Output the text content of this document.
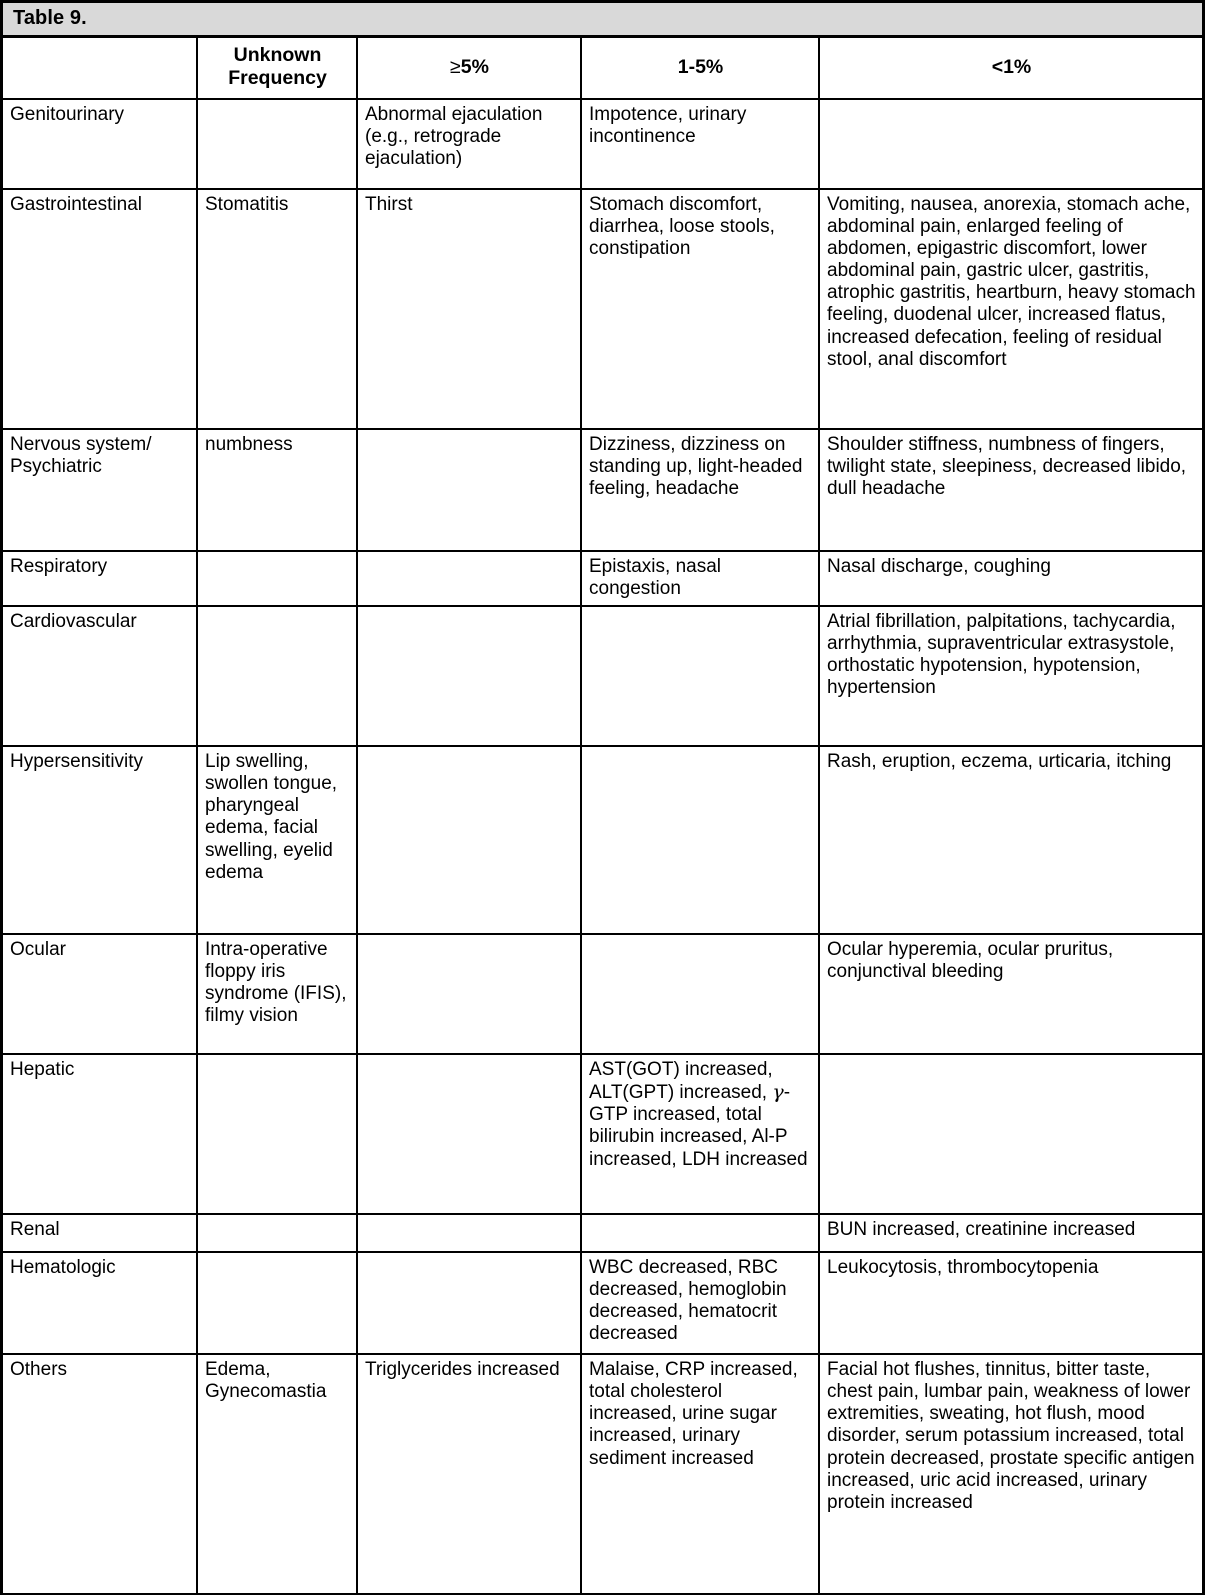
Table 9.
	Unknown Frequency	≥5%	1-5%	<1%

Genitourinary		Abnormal ejaculation (e.g., retrograde ejaculation)	Impotence, urinary incontinence	

Gastrointestinal	Stomatitis	Thirst	Stomach discomfort, diarrhea, loose stools, constipation	Vomiting, nausea, anorexia, stomach ache, abdominal pain, enlarged feeling of abdomen, epigastric discomfort, lower abdominal pain, gastric ulcer, gastritis, atrophic gastritis, heartburn, heavy stomach feeling, duodenal ulcer, increased flatus, increased defecation, feeling of residual stool, anal discomfort

Nervous system/ Psychiatric	numbness		Dizziness, dizziness on standing up, light-headed feeling, headache	Shoulder stiffness, numbness of fingers, twilight state, sleepiness, decreased libido, dull headache

Respiratory			Epistaxis, nasal congestion	Nasal discharge, coughing

Cardiovascular				Atrial fibrillation, palpitations, tachycardia, arrhythmia, supraventricular extrasystole, orthostatic hypotension, hypotension, hypertension

Hypersensitivity	Lip swelling, swollen tongue, pharyngeal edema, facial swelling, eyelid edema			Rash, eruption, eczema, urticaria, itching

Ocular	Intra-operative floppy iris syndrome (IFIS), filmy vision			Ocular hyperemia, ocular pruritus, conjunctival bleeding

Hepatic			AST(GOT) increased, ALT(GPT) increased, γ-GTP increased, total bilirubin increased, Al-P increased, LDH increased	

Renal				BUN increased, creatinine increased

Hematologic			WBC decreased, RBC decreased, hemoglobin decreased, hematocrit decreased	Leukocytosis, thrombocytopenia

Others	Edema, Gynecomastia	Triglycerides increased	Malaise, CRP increased, total cholesterol increased, urine sugar increased, urinary sediment increased	Facial hot flushes, tinnitus, bitter taste, chest pain, lumbar pain, weakness of lower extremities, sweating, hot flush, mood disorder, serum potassium increased, total protein decreased, prostate specific antigen increased, uric acid increased, urinary protein increased
